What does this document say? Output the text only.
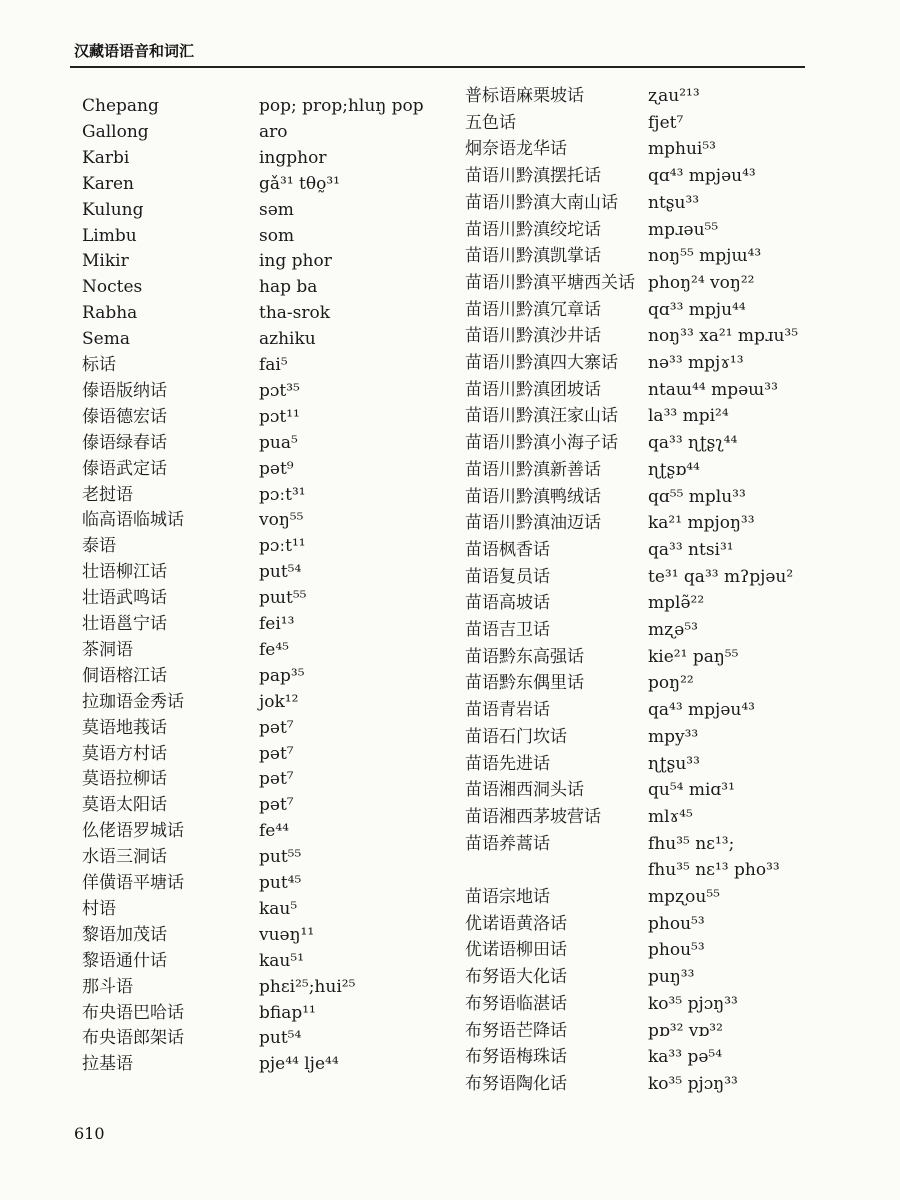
汉藏语语音和词汇
Chepang	pop; prop;hluŋ pop
Gallong	aro
Karbi	ingphor
Karen	gǎ³¹ tθo̰³¹
Kulung	səm
Limbu	som
Mikir	ing phor
Noctes	hap ba
Rabha	tha-srok
Sema	azhiku
标话	fai⁵
傣语版纳话	pɔt³⁵
傣语德宏话	pɔt¹¹
傣语绿春话	pua⁵
傣语武定话	pət⁹
老挝语	pɔːt³¹
临高语临城话	voŋ⁵⁵
泰语	pɔːt¹¹
壮语柳江话	put⁵⁴
壮语武鸣话	pɯt⁵⁵
壮语邕宁话	fei¹³
茶洞语	fe⁴⁵
侗语榕江话	pap³⁵
拉珈语金秀话	jok¹²
莫语地莪话	pət⁷
莫语方村话	pət⁷
莫语拉柳话	pət⁷
莫语太阳话	pət⁷
仫佬语罗城话	fe⁴⁴
水语三洞话	put⁵⁵
佯僙语平塘话	put⁴⁵
村语	kau⁵
黎语加茂话	vuəŋ¹¹
黎语通什话	kau⁵¹
那斗语	phɛi²⁵;hui²⁵
布央语巴哈话	bfiap¹¹
布央语郎架话	put⁵⁴
拉基语	pje⁴⁴ lje⁴⁴
普标语麻栗坡话	ʐau²¹³
五色话	fjet⁷
炯奈语龙华话	mphui⁵³
苗语川黔滇摆托话	qɑ⁴³ mpjəu⁴³
苗语川黔滇大南山话 ntʂu³³
苗语川黔滇绞坨话	mpɹəu⁵⁵
苗语川黔滇凯掌话	noŋ⁵⁵ mpjɯ⁴³
苗语川黔滇平塘西关话 phoŋ²⁴ voŋ²²
苗语川黔滇冗章话	qɑ³³ mpju⁴⁴
苗语川黔滇沙井话	noŋ³³ xa²¹ mpɹu³⁵
苗语川黔滇四大寨话 nə³³ mpjɤ¹³
苗语川黔滇团坡话	ntaɯ⁴⁴ mpəɯ³³
苗语川黔滇汪家山话 la³³ mpi²⁴
苗语川黔滇小海子话 qa³³ ɳʈʂʅ⁴⁴
苗语川黔滇新善话	ɳʈʂɒ⁴⁴
苗语川黔滇鸭绒话	qɑ⁵⁵ mplu³³
苗语川黔滇油迈话	ka²¹ mpjoŋ³³
苗语枫香话	qa³³ ntsi³¹
苗语复员话	te³¹ qa³³ mʔpjəu²
苗语高坡话	mplə̃²²
苗语吉卫话	mʐə⁵³
苗语黔东高强话	kie²¹ paŋ⁵⁵
苗语黔东偶里话	poŋ²²
苗语青岩话	qa⁴³ mpjəu⁴³
苗语石门坎话	mpy³³
苗语先进话	ɳʈʂu³³
苗语湘西洞头话	qu⁵⁴ miɑ³¹
苗语湘西茅坡营话	mlɤ⁴⁵
苗语养蒿话	fhu³⁵ nɛ¹³;
fhu³⁵ nɛ¹³ pho³³
苗语宗地话	mpʐou⁵⁵
优诺语黄洛话	phou⁵³
优诺语柳田话	phou⁵³
布努语大化话	puŋ³³
布努语临湛话	ko³⁵ pjɔŋ³³
布努语芒降话	pɒ³² vɒ³²
布努语梅珠话	ka³³ pə⁵⁴
布努语陶化话	ko³⁵ pjɔŋ³³
610
